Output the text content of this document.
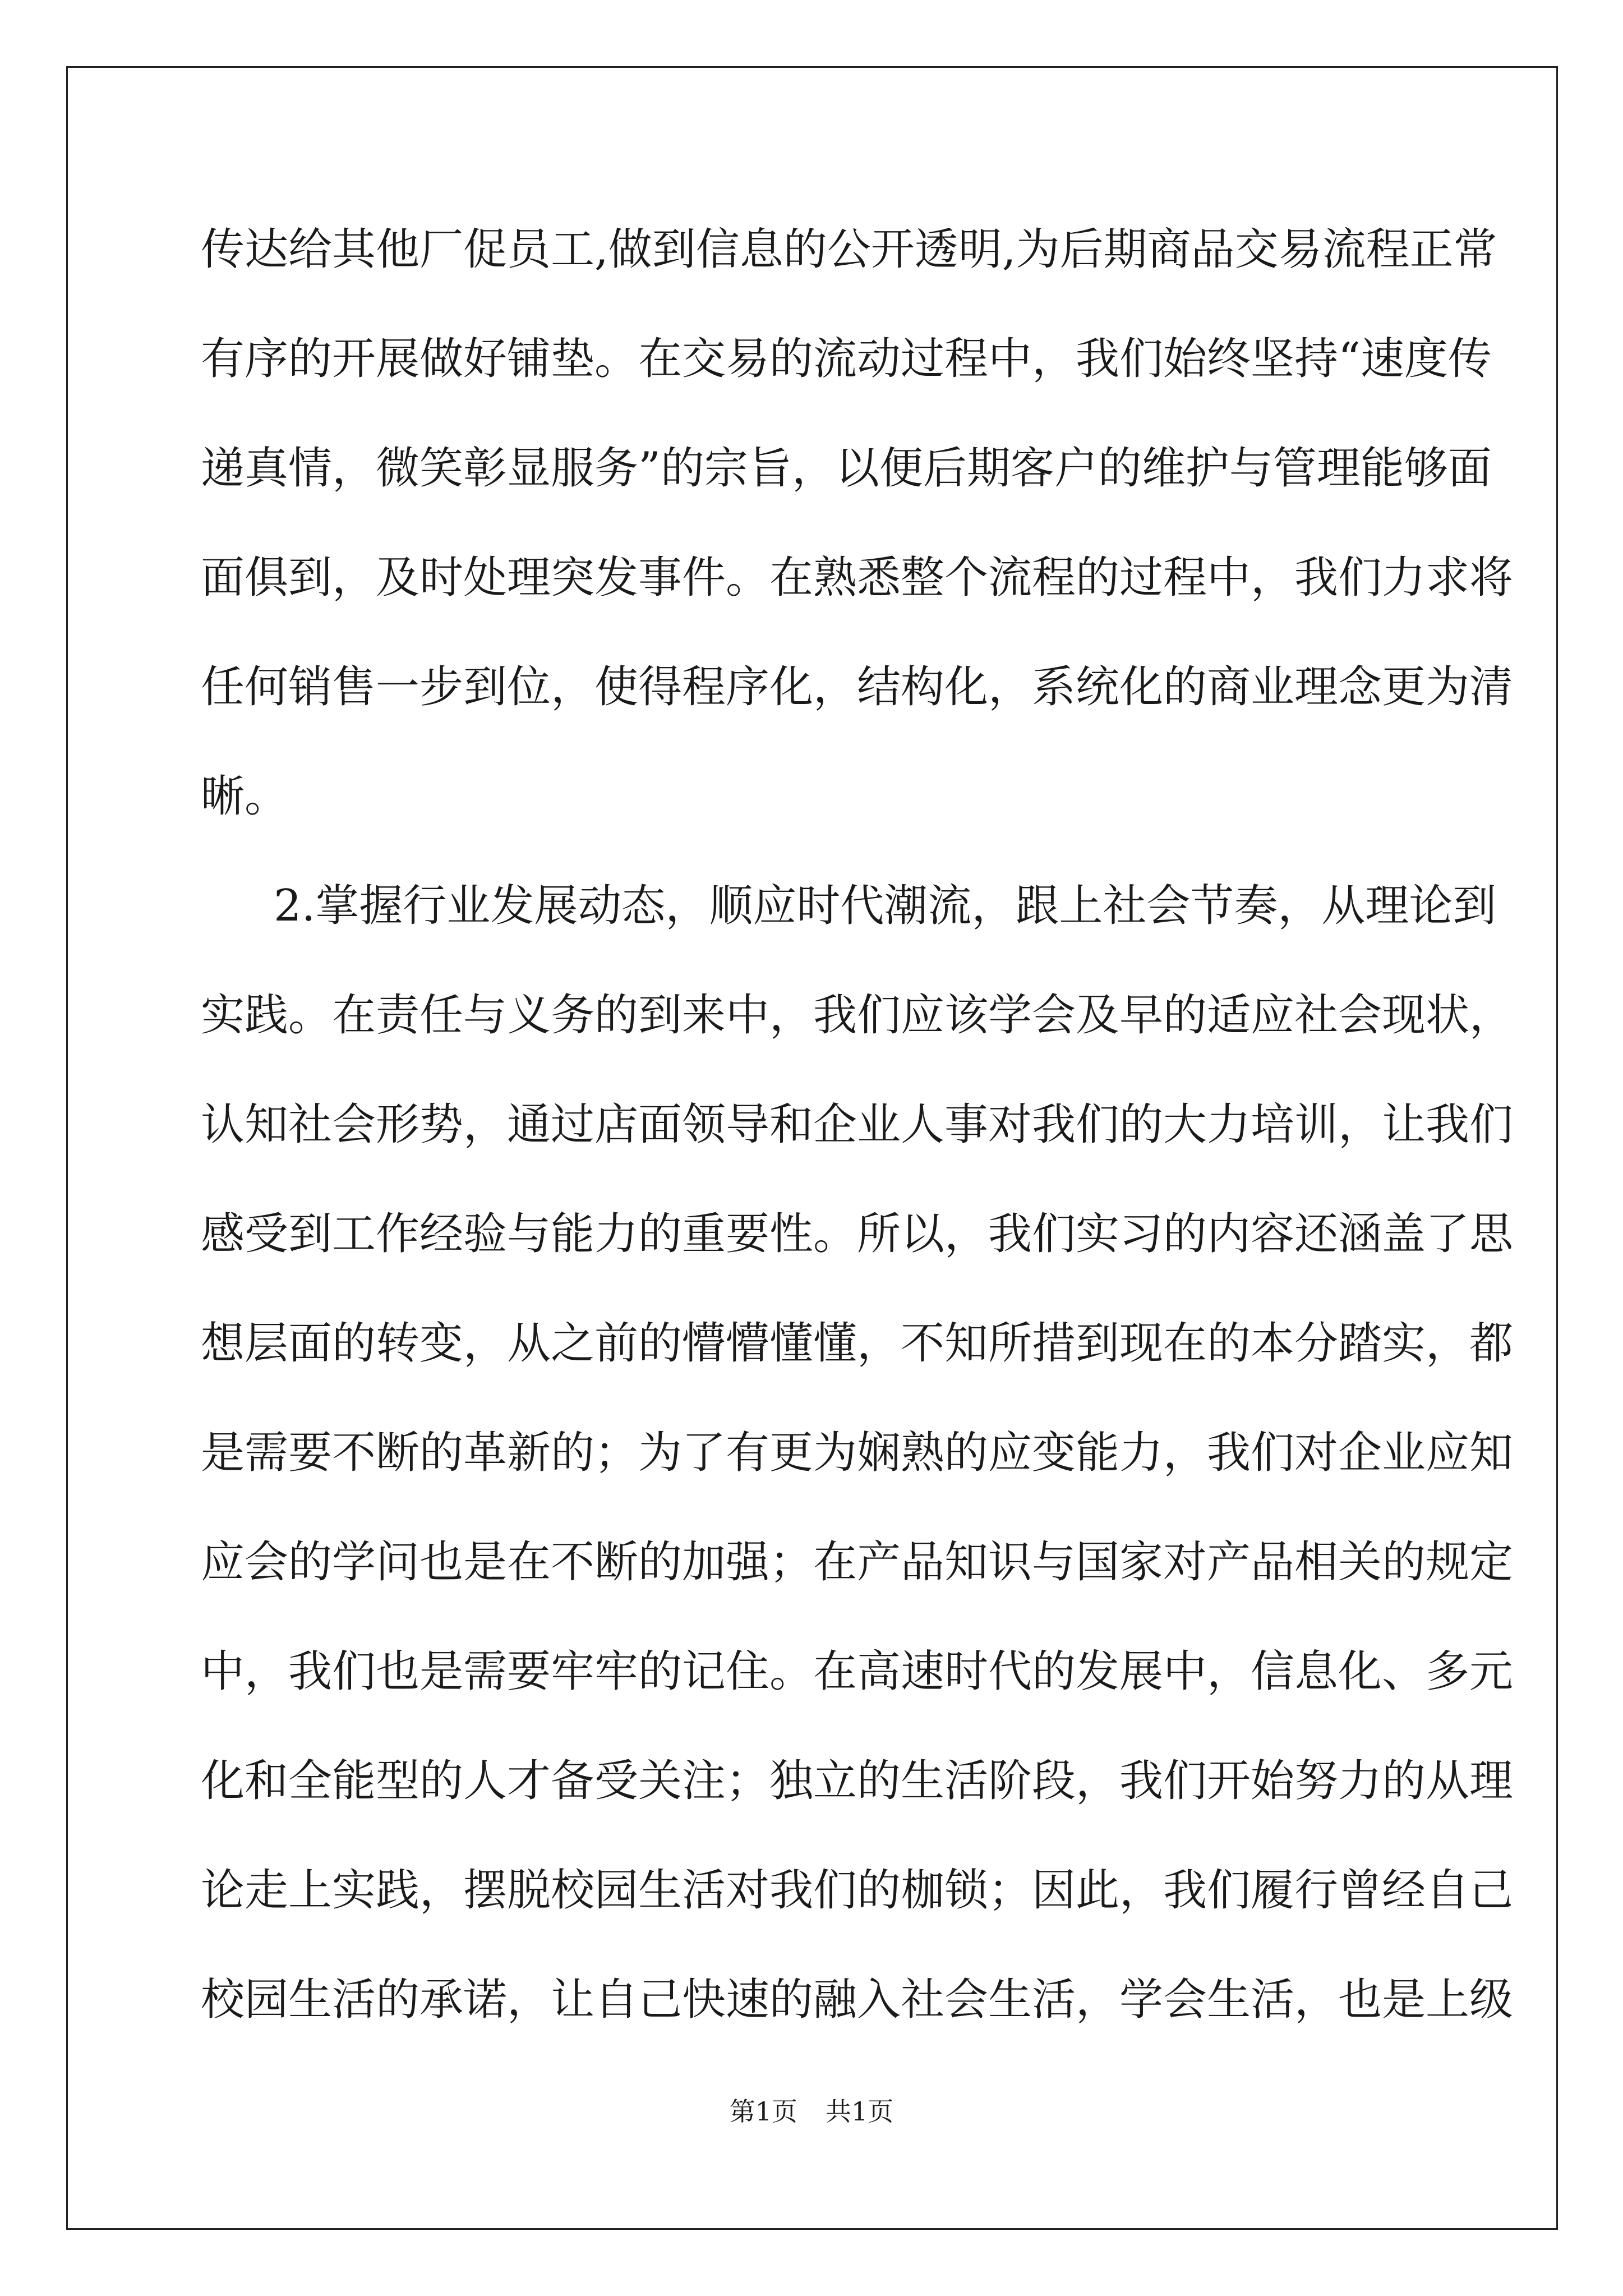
传达给其他厂促员工,做到信息的公开透明,为后期商品交易流程正常
有序的开展做好铺垫。在交易的流动过程中，我们始终坚持“速度传
递真情，微笑彰显服务”的宗旨，以便后期客户的维护与管理能够面
面俱到，及时处理突发事件。在熟悉整个流程的过程中，我们力求将
任何销售一步到位，使得程序化，结构化，系统化的商业理念更为清
晰。
2.掌握行业发展动态，顺应时代潮流，跟上社会节奏，从理论到
实践。在责任与义务的到来中，我们应该学会及早的适应社会现状，
认知社会形势，通过店面领导和企业人事对我们的大力培训，让我们
感受到工作经验与能力的重要性。所以，我们实习的内容还涵盖了思
想层面的转变，从之前的懵懵懂懂，不知所措到现在的本分踏实，都
是需要不断的革新的；为了有更为娴熟的应变能力，我们对企业应知
应会的学问也是在不断的加强；在产品知识与国家对产品相关的规定
中，我们也是需要牢牢的记住。在高速时代的发展中，信息化、多元
化和全能型的人才备受关注；独立的生活阶段，我们开始努力的从理
论走上实践，摆脱校园生活对我们的枷锁；因此，我们履行曾经自己
校园生活的承诺，让自己快速的融入社会生活，学会生活，也是上级
第1页 共1页
